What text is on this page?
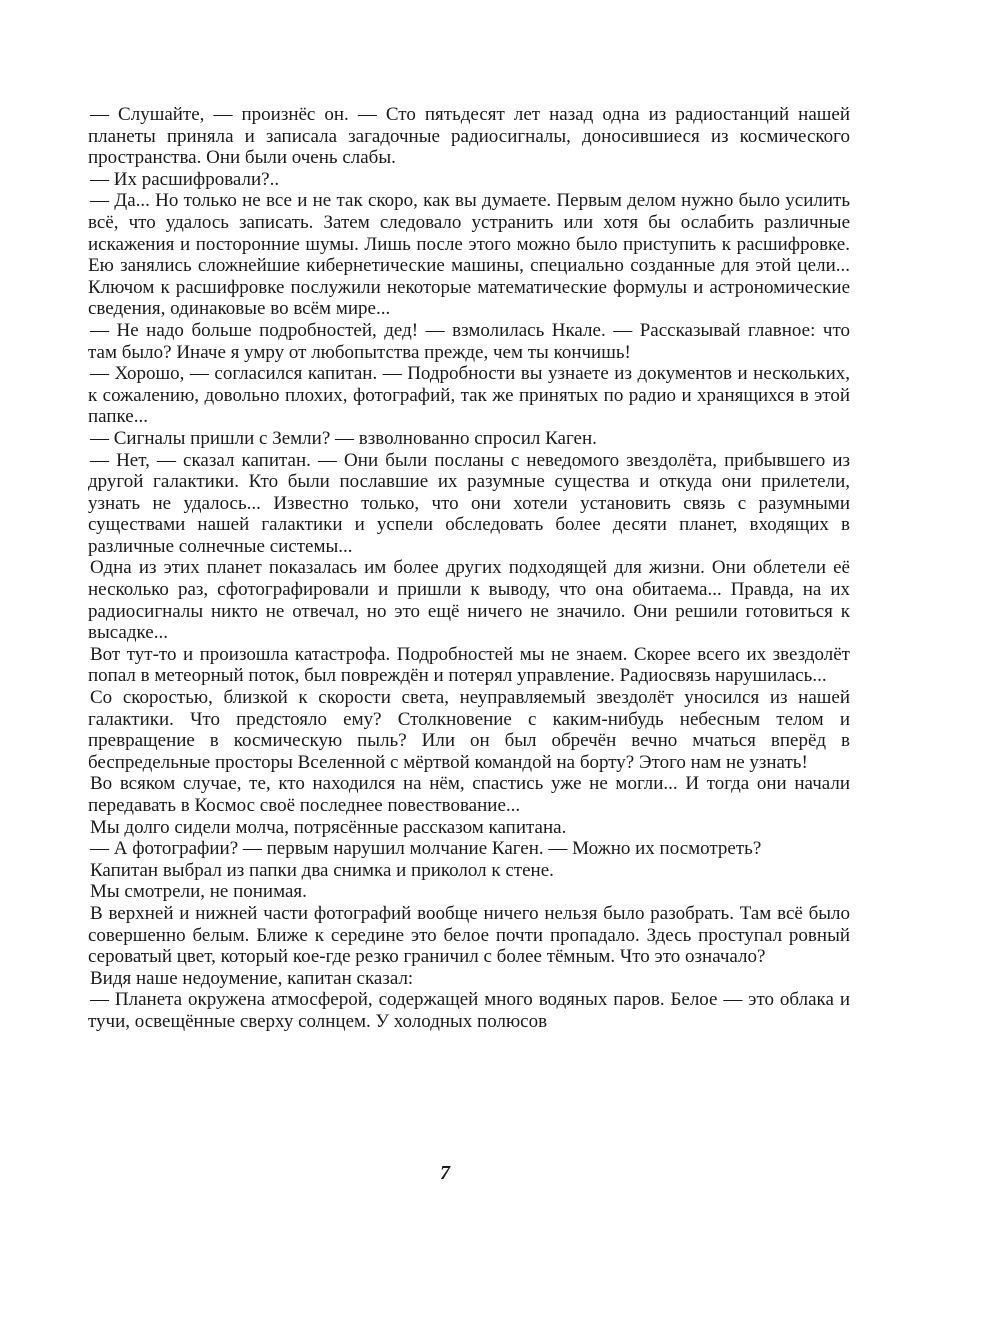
— Слушайте, — произнёс он. — Сто пятьдесят лет назад одна из радиостанций нашей планеты приняла и записала загадочные радиосигналы, доносившиеся из космического пространства. Они были очень слабы.

— Их расшифровали?..

— Да... Но только не все и не так скоро, как вы думаете. Первым делом нужно было усилить всё, что удалось записать. Затем следовало устранить или хотя бы ослабить различные искажения и посторонние шумы. Лишь после этого можно было приступить к расшифровке. Ею занялись сложнейшие кибернетические машины, специально созданные для этой цели... Ключом к расшифровке послужили некоторые математические формулы и астрономические сведения, одинаковые во всём мире...

— Не надо больше подробностей, дед! — взмолилась Нкале. — Рассказывай главное: что там было? Иначе я умру от любопытства прежде, чем ты кончишь!

— Хорошо, — согласился капитан. — Подробности вы узнаете из документов и нескольких, к сожалению, довольно плохих, фотографий, так же принятых по радио и хранящихся в этой папке...

— Сигналы пришли с Земли? — взволнованно спросил Каген.

— Нет, — сказал капитан. — Они были посланы с неведомого звездолёта, прибывшего из другой галактики. Кто были пославшие их разумные существа и откуда они прилетели, узнать не удалось... Известно только, что они хотели установить связь с разумными существами нашей галактики и успели обследовать более десяти планет, входящих в различные солнечные системы...

Одна из этих планет показалась им более других подходящей для жизни. Они облетели её несколько раз, сфотографировали и пришли к выводу, что она обитаема... Правда, на их радиосигналы никто не отвечал, но это ещё ничего не значило. Они решили готовиться к высадке...

Вот тут-то и произошла катастрофа. Подробностей мы не знаем. Скорее всего их звездолёт попал в метеорный поток, был повреждён и потерял управление. Радиосвязь нарушилась...

Со скоростью, близкой к скорости света, неуправляемый звездолёт уносился из нашей галактики. Что предстояло ему? Столкновение с каким-нибудь небесным телом и превращение в космическую пыль? Или он был обречён вечно мчаться вперёд в беспредельные просторы Вселенной с мёртвой командой на борту? Этого нам не узнать!

Во всяком случае, те, кто находился на нём, спастись уже не могли... И тогда они начали передавать в Космос своё последнее повествование...

Мы долго сидели молча, потрясённые рассказом капитана.

— А фотографии? — первым нарушил молчание Каген. — Можно их посмотреть?

Капитан выбрал из папки два снимка и приколол к стене.

Мы смотрели, не понимая.

В верхней и нижней части фотографий вообще ничего нельзя было разобрать. Там всё было совершенно белым. Ближе к середине это белое почти пропадало. Здесь проступал ровный сероватый цвет, который кое-где резко граничил с более тёмным. Что это означало?

Видя наше недоумение, капитан сказал:

— Планета окружена атмосферой, содержащей много водяных паров. Белое — это облака и тучи, освещённые сверху солнцем. У холодных полюсов

7
